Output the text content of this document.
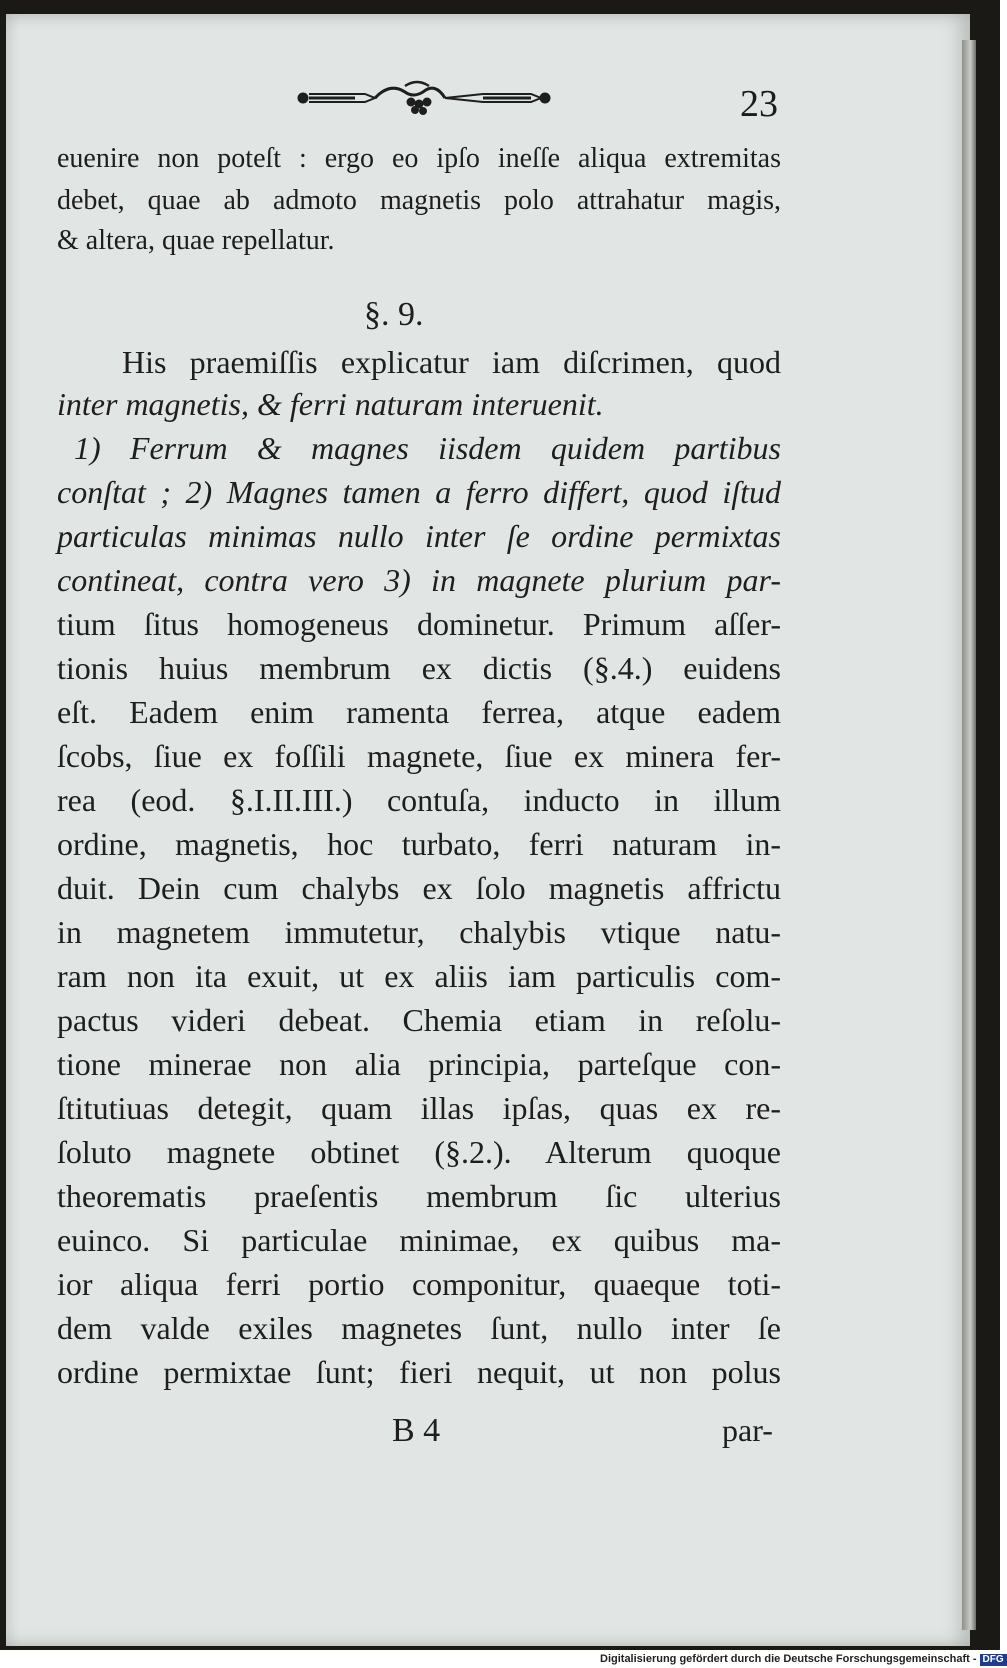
23
euenire non poteſt : ergo eo ipſo ineſſe aliqua extremitas
debet, quae ab admoto magnetis polo attrahatur magis,
& altera, quae repellatur.
§. 9.
His praemiſſis explicatur iam diſcrimen, quod
inter magnetis, & ferri naturam interuenit.
1) Ferrum & magnes iisdem quidem partibus
conſtat ; 2) Magnes tamen a ferro differt, quod iſtud
particulas minimas nullo inter ſe ordine permixtas
contineat, contra vero 3) in magnete plurium par-
tium ſitus homogeneus dominetur. Primum aſſer-
tionis huius membrum ex dictis (§.4.) euidens
eſt. Eadem enim ramenta ferrea, atque eadem
ſcobs, ſiue ex foſſili magnete, ſiue ex minera fer-
rea (eod. §.I.II.III.) contuſa, inducto in illum
ordine, magnetis, hoc turbato, ferri naturam in-
duit. Dein cum chalybs ex ſolo magnetis affrictu
in magnetem immutetur, chalybis vtique natu-
ram non ita exuit, ut ex aliis iam particulis com-
pactus videri debeat. Chemia etiam in reſolu-
tione minerae non alia principia, parteſque con-
ſtitutiuas detegit, quam illas ipſas, quas ex re-
ſoluto magnete obtinet (§.2.). Alterum quoque
theorematis praeſentis membrum ſic ulterius
euinco. Si particulae minimae, ex quibus ma-
ior aliqua ferri portio componitur, quaeque toti-
dem valde exiles magnetes ſunt, nullo inter ſe
ordine permixtae ſunt; fieri nequit, ut non polus
B 4	par-
Digitalisierung gefördert durch die Deutsche Forschungsgemeinschaft - DFG
